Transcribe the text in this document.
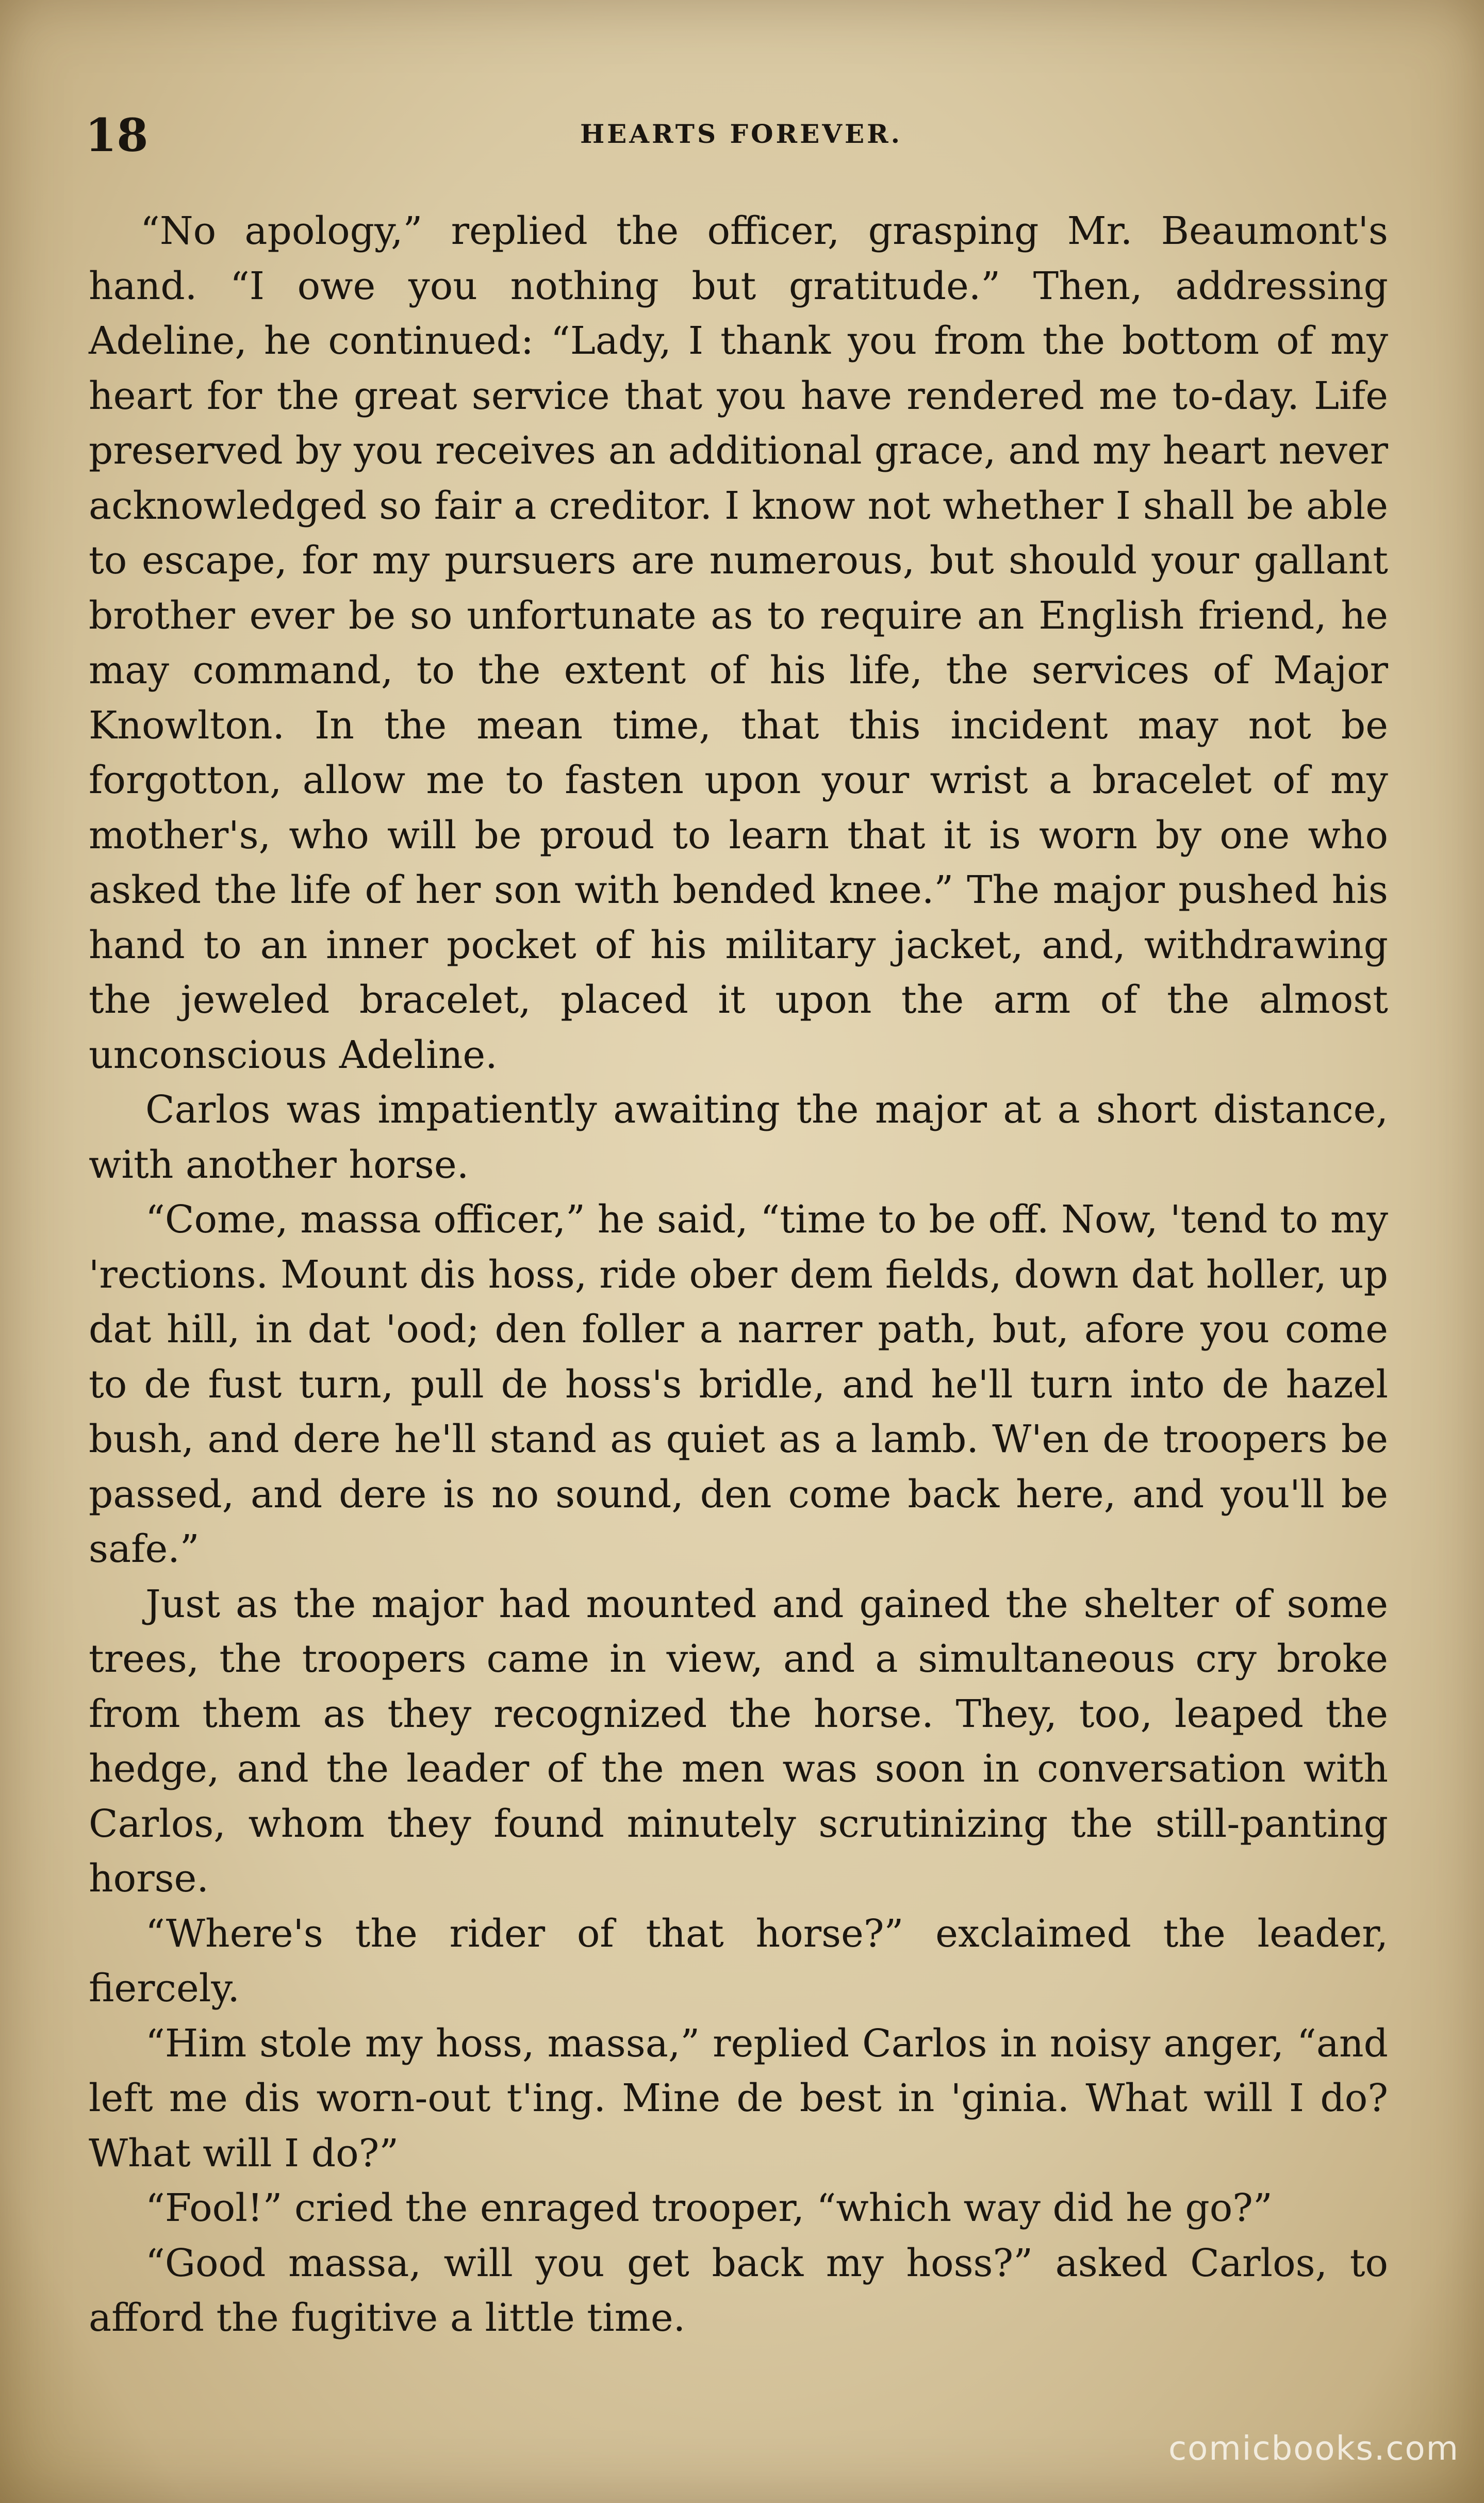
18	HEARTS FOREVER.

“No apology,” replied the officer, grasping Mr. Beaumont's hand. “I owe you nothing but gratitude.” Then, addressing Adeline, he continued: “Lady, I thank you from the bottom of my heart for the great service that you have rendered me to-day. Life preserved by you receives an additional grace, and my heart never acknowledged so fair a creditor. I know not whether I shall be able to escape, for my pursuers are numerous, but should your gallant brother ever be so unfortunate as to require an English friend, he may command, to the extent of his life, the services of Major Knowlton. In the mean time, that this incident may not be forgotton, allow me to fasten upon your wrist a bracelet of my mother's, who will be proud to learn that it is worn by one who asked the life of her son with bended knee.” The major pushed his hand to an inner pocket of his military jacket, and, withdrawing the jeweled bracelet, placed it upon the arm of the almost unconscious Adeline.

Carlos was impatiently awaiting the major at a short distance, with another horse.

“Come, massa officer,” he said, “time to be off. Now, 'tend to my 'rections. Mount dis hoss, ride ober dem fields, down dat holler, up dat hill, in dat 'ood; den foller a narrer path, but, afore you come to de fust turn, pull de hoss's bridle, and he'll turn into de hazel bush, and dere he'll stand as quiet as a lamb. W'en de troopers be passed, and dere is no sound, den come back here, and you'll be safe.”

Just as the major had mounted and gained the shelter of some trees, the troopers came in view, and a simultaneous cry broke from them as they recognized the horse. They, too, leaped the hedge, and the leader of the men was soon in conversation with Carlos, whom they found minutely scrutinizing the still-panting horse.

“Where's the rider of that horse?” exclaimed the leader, fiercely.

“Him stole my hoss, massa,” replied Carlos in noisy anger, “and left me dis worn-out t'ing. Mine de best in 'ginia. What will I do? What will I do?”

“Fool!” cried the enraged trooper, “which way did he go?”

“Good massa, will you get back my hoss?” asked Carlos, to afford the fugitive a little time.

comicbooks.com
